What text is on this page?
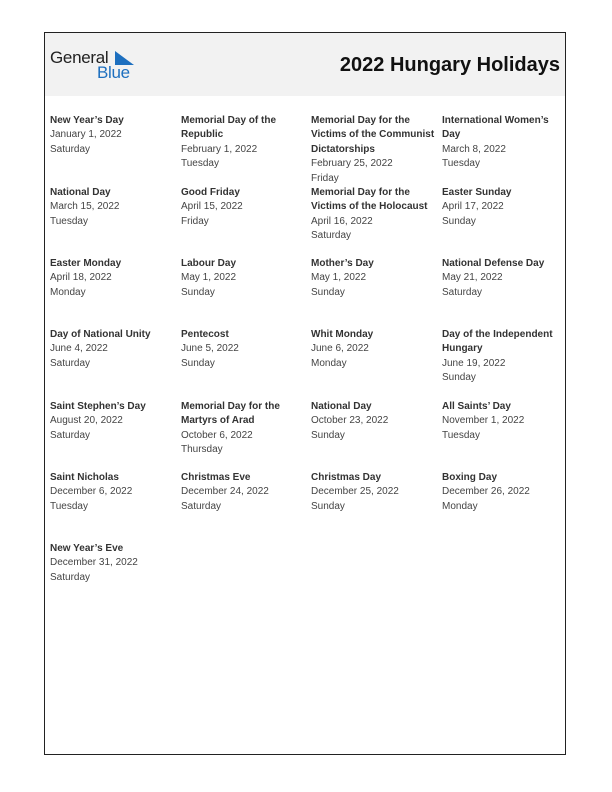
General
Blue	2022 Hungary Holidays
New Year’s Day
January 1, 2022
Saturday
Memorial Day of the Republic
February 1, 2022
Tuesday
Memorial Day for the Victims of the Communist Dictatorships
February 25, 2022
Friday
International Women’s Day
March 8, 2022
Tuesday
National Day
March 15, 2022
Tuesday
Good Friday
April 15, 2022
Friday
Memorial Day for the Victims of the Holocaust
April 16, 2022
Saturday
Easter Sunday
April 17, 2022
Sunday
Easter Monday
April 18, 2022
Monday
Labour Day
May 1, 2022
Sunday
Mother’s Day
May 1, 2022
Sunday
National Defense Day
May 21, 2022
Saturday
Day of National Unity
June 4, 2022
Saturday
Pentecost
June 5, 2022
Sunday
Whit Monday
June 6, 2022
Monday
Day of the Independent Hungary
June 19, 2022
Sunday
Saint Stephen’s Day
August 20, 2022
Saturday
Memorial Day for the Martyrs of Arad
October 6, 2022
Thursday
National Day
October 23, 2022
Sunday
All Saints’ Day
November 1, 2022
Tuesday
Saint Nicholas
December 6, 2022
Tuesday
Christmas Eve
December 24, 2022
Saturday
Christmas Day
December 25, 2022
Sunday
Boxing Day
December 26, 2022
Monday
New Year’s Eve
December 31, 2022
Saturday
